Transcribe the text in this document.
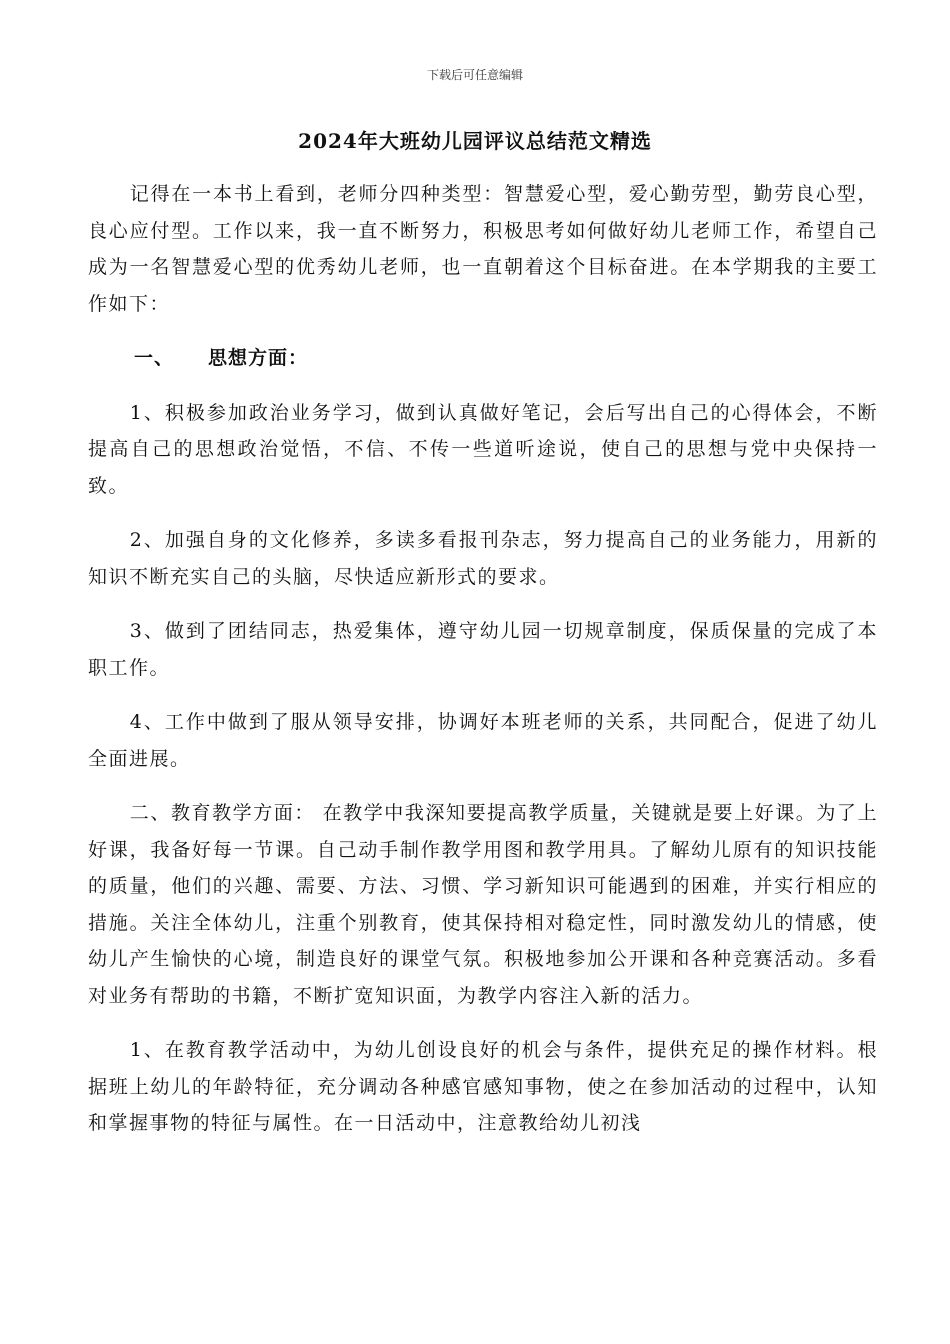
下载后可任意编辑
2024年大班幼儿园评议总结范文精选

记得在一本书上看到，老师分四种类型：智慧爱心型，爱心勤劳型，勤劳良心型，良心应付型。工作以来，我一直不断努力，积极思考如何做好幼儿老师工作，希望自己成为一名智慧爱心型的优秀幼儿老师，也一直朝着这个目标奋进。在本学期我的主要工作如下：

一、 思想方面：

1、积极参加政治业务学习，做到认真做好笔记，会后写出自己的心得体会，不断提高自己的思想政治觉悟，不信、不传一些道听途说，使自己的思想与党中央保持一致。

2、加强自身的文化修养，多读多看报刊杂志，努力提高自己的业务能力，用新的知识不断充实自己的头脑，尽快适应新形式的要求。

3、做到了团结同志，热爱集体，遵守幼儿园一切规章制度，保质保量的完成了本职工作。

4、工作中做到了服从领导安排，协调好本班老师的关系，共同配合，促进了幼儿全面进展。

二、教育教学方面： 在教学中我深知要提高教学质量，关键就是要上好课。为了上好课，我备好每一节课。自己动手制作教学用图和教学用具。了解幼儿原有的知识技能的质量，他们的兴趣、需要、方法、习惯、学习新知识可能遇到的困难，并实行相应的措施。关注全体幼儿，注重个别教育，使其保持相对稳定性，同时激发幼儿的情感，使幼儿产生愉快的心境，制造良好的课堂气氛。积极地参加公开课和各种竞赛活动。多看对业务有帮助的书籍，不断扩宽知识面，为教学内容注入新的活力。

1、在教育教学活动中，为幼儿创设良好的机会与条件，提供充足的操作材料。根据班上幼儿的年龄特征，充分调动各种感官感知事物，使之在参加活动的过程中，认知和掌握事物的特征与属性。在一日活动中，注意教给幼儿初浅
